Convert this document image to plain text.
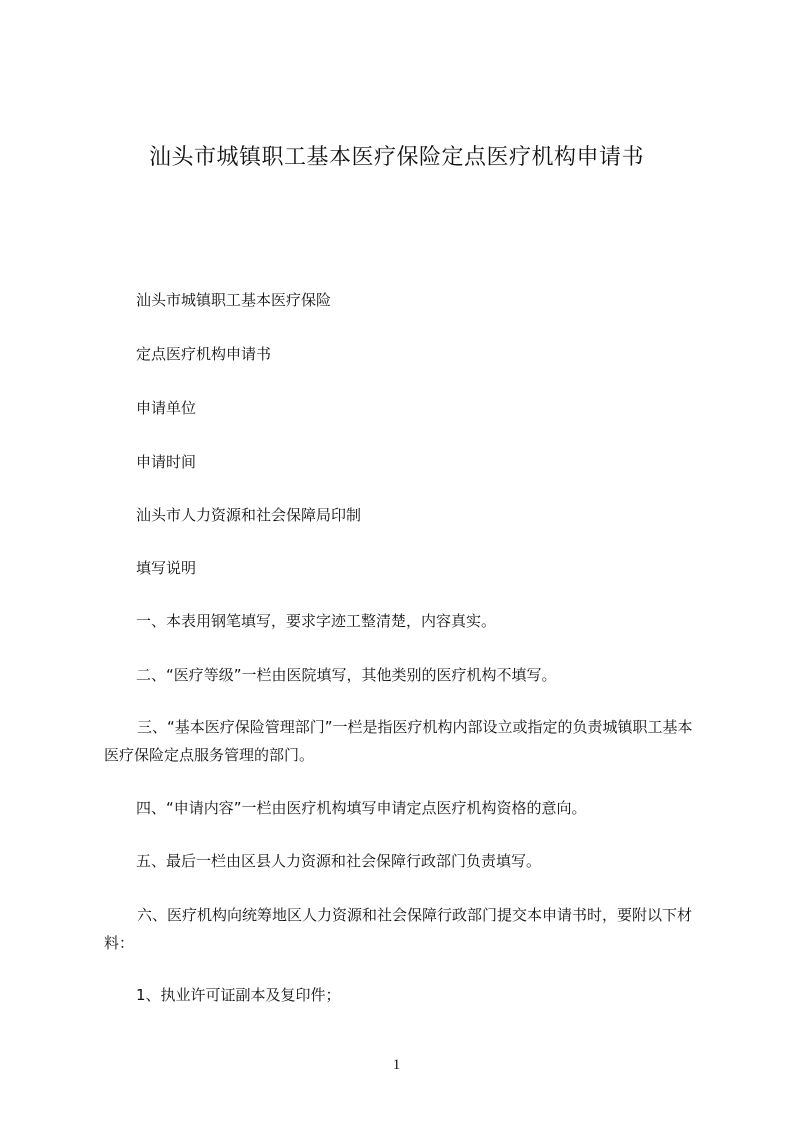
汕头市城镇职工基本医疗保险定点医疗机构申请书
汕头市城镇职工基本医疗保险
定点医疗机构申请书
申请单位
申请时间
汕头市人力资源和社会保障局印制
填写说明
一、本表用钢笔填写，要求字迹工整清楚，内容真实。
二、“医疗等级”一栏由医院填写，其他类别的医疗机构不填写。
三、“基本医疗保险管理部门”一栏是指医疗机构内部设立或指定的负责城镇职工基本医疗保险定点服务管理的部门。
四、“申请内容”一栏由医疗机构填写申请定点医疗机构资格的意向。
五、最后一栏由区县人力资源和社会保障行政部门负责填写。
六、医疗机构向统筹地区人力资源和社会保障行政部门提交本申请书时，要附以下材料：
1、执业许可证副本及复印件；
1
